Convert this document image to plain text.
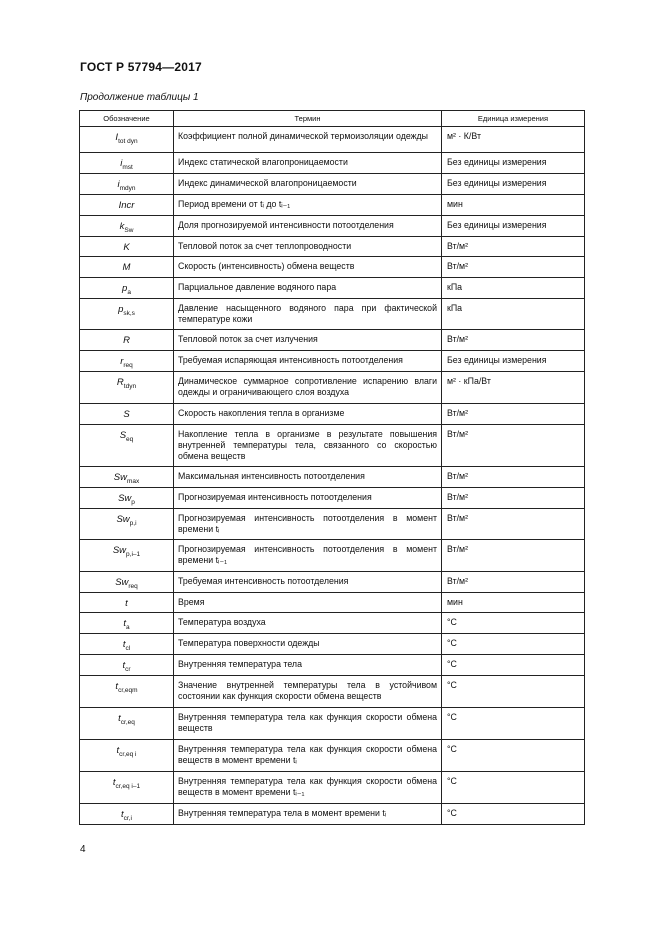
ГОСТ Р 57794—2017
Продолжение таблицы 1
Обозначение	Термин	Единица измерения
$I_{tot dyn}$	Коэффициент полной динамической термоизоляции одежды	м² · К/Вт
$i_{mst}$	Индекс статической влагопроницаемости	Без единицы измерения
$i_{mdyn}$	Индекс динамической влагопроницаемости	Без единицы измерения
Incr	Период времени от tᵢ до tᵢ₋₁	мин
$k_{Sw}$	Доля прогнозируемой интенсивности потоотделения	Без единицы измерения
K	Тепловой поток за счет теплопроводности	Вт/м²
M	Скорость (интенсивность) обмена веществ	Вт/м²
$p_a$	Парциальное давление водяного пара	кПа
$p_{sk,s}$	Давление насыщенного водяного пара при фактической температуре кожи	кПа
R	Тепловой поток за счет излучения	Вт/м²
$r_{req}$	Требуемая испаряющая интенсивность потоотделения	Без единицы измерения
$R_{tdyn}$	Динамическое суммарное сопротивление испарению влаги одежды и ограничивающего слоя воздуха	м² · кПа/Вт
S	Скорость накопления тепла в организме	Вт/м²
$S_{eq}$	Накопление тепла в организме в результате повышения внутренней температуры тела, связанного со скоростью обмена веществ	Вт/м²
$Sw_{max}$	Максимальная интенсивность потоотделения	Вт/м²
$Sw_p$	Прогнозируемая интенсивность потоотделения	Вт/м²
$Sw_{p,i}$	Прогнозируемая интенсивность потоотделения в момент времени tᵢ	Вт/м²
$Sw_{p,i-1}$	Прогнозируемая интенсивность потоотделения в момент времени tᵢ₋₁	Вт/м²
$Sw_{req}$	Требуемая интенсивность потоотделения	Вт/м²
t	Время	мин
$t_a$	Температура воздуха	°С
$t_{cl}$	Температура поверхности одежды	°С
$t_{cr}$	Внутренняя температура тела	°С
$t_{cr,eqm}$	Значение внутренней температуры тела в устойчивом состоянии как функция скорости обмена веществ	°С
$t_{cr,eq}$	Внутренняя температура тела как функция скорости обмена веществ	°С
$t_{cr,eq i}$	Внутренняя температура тела как функция скорости обмена веществ в момент времени tᵢ	°С
$t_{cr,eq i-1}$	Внутренняя температура тела как функция скорости обмена веществ в момент времени tᵢ₋₁	°С
$t_{cr,i}$	Внутренняя температура тела в момент времени tᵢ	°С
4
